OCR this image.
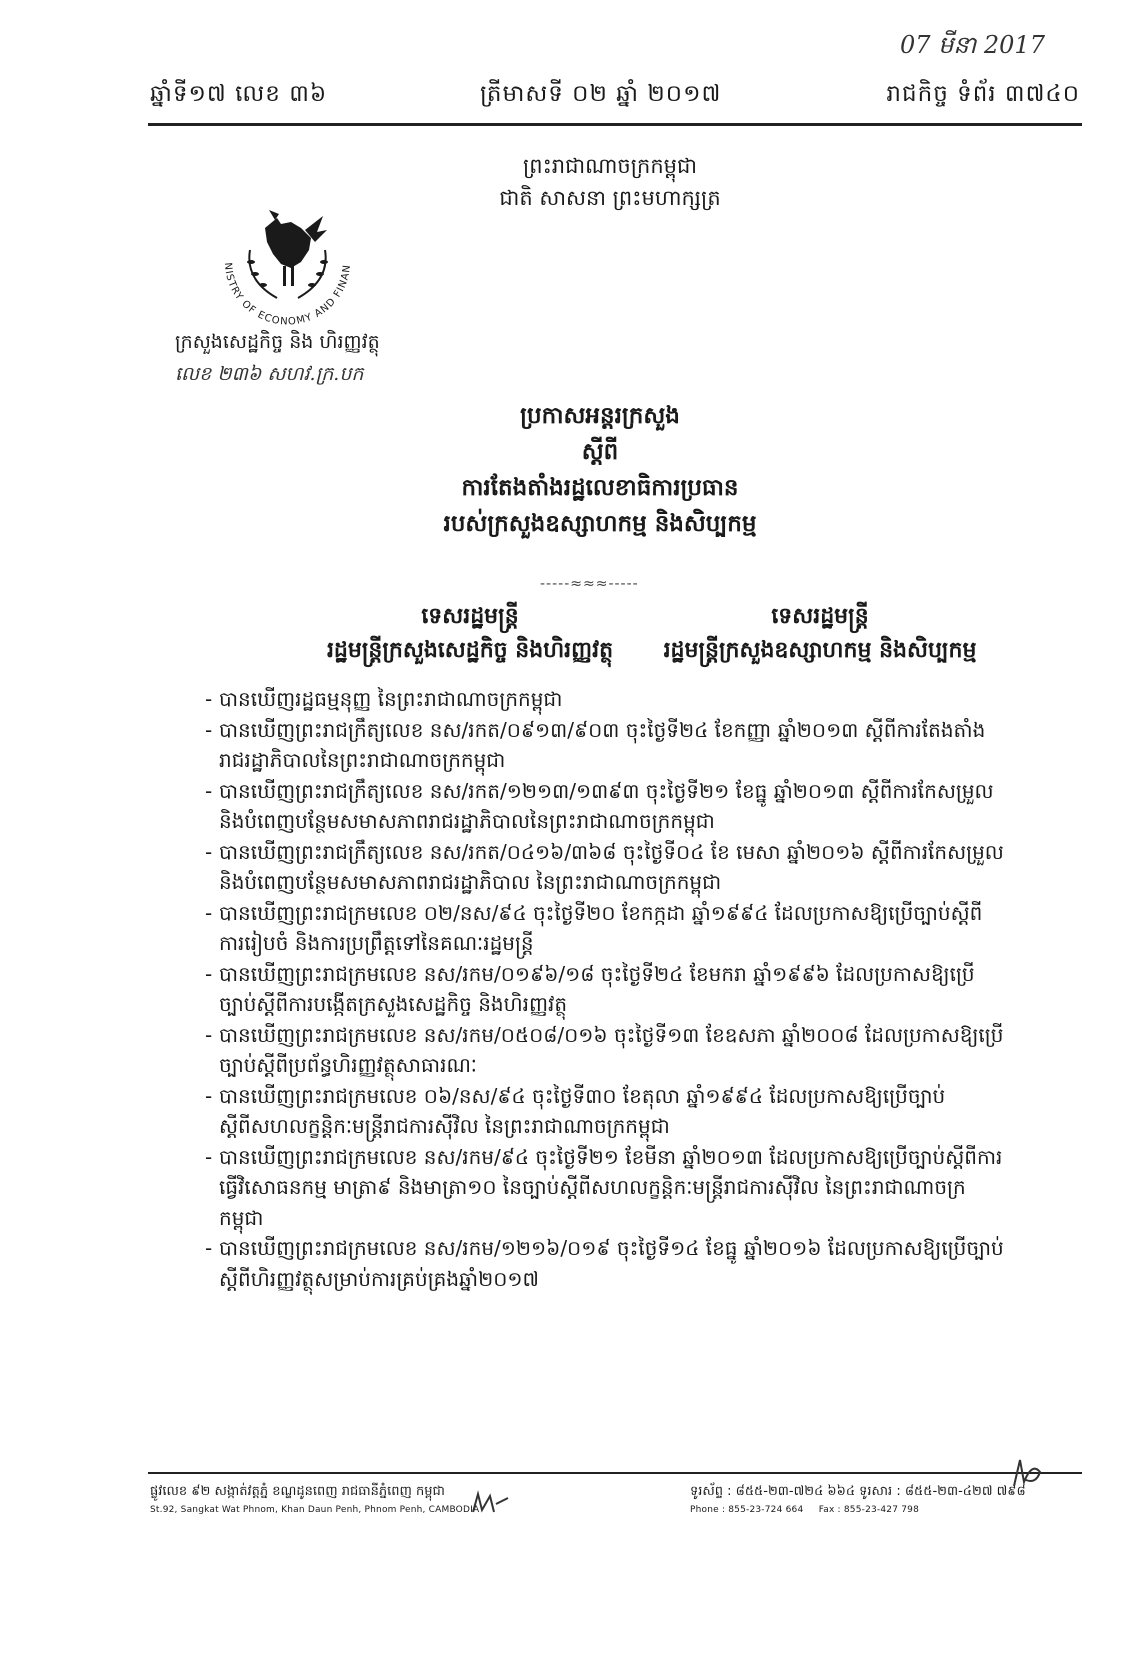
07 មីនា 2017
ឆ្នាំទី១៧ លេខ ៣៦	ត្រីមាសទី ០២ ឆ្នាំ ២០១៧	រាជកិច្ច ទំព័រ ៣៧៤០
ព្រះរាជាណាចក្រកម្ពុជា
ជាតិ សាសនា ព្រះមហាក្សត្រ
NISTRY OF ECONOMY AND FINAN
ក្រសួងសេដ្ឋកិច្ច និង ហិរញ្ញវត្ថុ
លេខ ២៣៦ សហវ.ក្រ.បក
ប្រកាសអន្តរក្រសួង
ស្តីពី
ការតែងតាំងរដ្ឋលេខាធិការប្រធាន
របស់ក្រសួងឧស្សាហកម្ម និងសិប្បកម្ម
-----≈≈≈-----
ទេសរដ្ឋមន្ត្រី
រដ្ឋមន្ត្រីក្រសួងសេដ្ឋកិច្ច និងហិរញ្ញវត្ថុ
ទេសរដ្ឋមន្ត្រី
រដ្ឋមន្ត្រីក្រសួងឧស្សាហកម្ម និងសិប្បកម្ម
- បានឃើញរដ្ឋធម្មនុញ្ញ នៃព្រះរាជាណាចក្រកម្ពុជា
- បានឃើញព្រះរាជក្រឹត្យលេខ នស/រកត/០៩១៣/៩០៣ ចុះថ្ងៃទី២៤ ខែកញ្ញា ឆ្នាំ២០១៣ ស្តីពីការតែងតាំងរាជរដ្ឋាភិបាលនៃព្រះរាជាណាចក្រកម្ពុជា
- បានឃើញព្រះរាជក្រឹត្យលេខ នស/រកត/១២១៣/១៣៩៣ ចុះថ្ងៃទី២១ ខែធ្នូ ឆ្នាំ២០១៣ ស្តីពីការកែសម្រួល និងបំពេញបន្ថែមសមាសភាពរាជរដ្ឋាភិបាលនៃព្រះរាជាណាចក្រកម្ពុជា
- បានឃើញព្រះរាជក្រឹត្យលេខ នស/រកត/០៤១៦/៣៦៨ ចុះថ្ងៃទី០៤ ខែ មេសា ឆ្នាំ២០១៦ ស្តីពីការកែសម្រួល និងបំពេញបន្ថែមសមាសភាពរាជរដ្ឋាភិបាល នៃព្រះរាជាណាចក្រកម្ពុជា
- បានឃើញព្រះរាជក្រមលេខ ០២/នស/៩៤ ចុះថ្ងៃទី២០ ខែកក្កដា ឆ្នាំ១៩៩៤ ដែលប្រកាសឱ្យប្រើច្បាប់ស្តីពីការរៀបចំ និងការប្រព្រឹត្តទៅនៃគណៈរដ្ឋមន្ត្រី
- បានឃើញព្រះរាជក្រមលេខ នស/រកម/០១៩៦/១៨ ចុះថ្ងៃទី២៤ ខែមករា ឆ្នាំ១៩៩៦ ដែលប្រកាសឱ្យប្រើច្បាប់ស្តីពីការបង្កើតក្រសួងសេដ្ឋកិច្ច និងហិរញ្ញវត្ថុ
- បានឃើញព្រះរាជក្រមលេខ នស/រកម/០៥០៨/០១៦ ចុះថ្ងៃទី១៣ ខែឧសភា ឆ្នាំ២០០៨ ដែលប្រកាសឱ្យប្រើច្បាប់ស្តីពីប្រព័ន្ធហិរញ្ញវត្ថុសាធារណៈ
- បានឃើញព្រះរាជក្រមលេខ ០៦/នស/៩៤ ចុះថ្ងៃទី៣០ ខែតុលា ឆ្នាំ១៩៩៤ ដែលប្រកាសឱ្យប្រើច្បាប់ស្តីពីសហលក្ខន្តិកៈមន្ត្រីរាជការស៊ីវិល នៃព្រះរាជាណាចក្រកម្ពុជា
- បានឃើញព្រះរាជក្រមលេខ នស/រកម/៩៤ ចុះថ្ងៃទី២១ ខែមីនា ឆ្នាំ២០១៣ ដែលប្រកាសឱ្យប្រើច្បាប់ស្តីពីការធ្វើវិសោធនកម្ម មាត្រា៩ និងមាត្រា១០ នៃច្បាប់ស្តីពីសហលក្ខន្តិកៈមន្ត្រីរាជការស៊ីវិល នៃព្រះរាជាណាចក្រកម្ពុជា
- បានឃើញព្រះរាជក្រមលេខ នស/រកម/១២១៦/០១៩ ចុះថ្ងៃទី១៤ ខែធ្នូ ឆ្នាំ២០១៦ ដែលប្រកាសឱ្យប្រើច្បាប់ស្តីពីហិរញ្ញវត្ថុសម្រាប់ការគ្រប់គ្រងឆ្នាំ២០១៧
ផ្លូវលេខ ៩២ សង្កាត់វត្តភ្នំ ខណ្ឌដូនពេញ រាជធានីភ្នំពេញ កម្ពុជា
St.92, Sangkat Wat Phnom, Khan Daun Penh, Phnom Penh, CAMBODIA
ទូរស័ព្ទ : ៨៥៥-២៣-៧២៤ ៦៦៤ ទូរសារ : ៨៥៥-២៣-៤២៧ ៧៩៨
Phone : 855-23-724 664 Fax : 855-23-427 798
